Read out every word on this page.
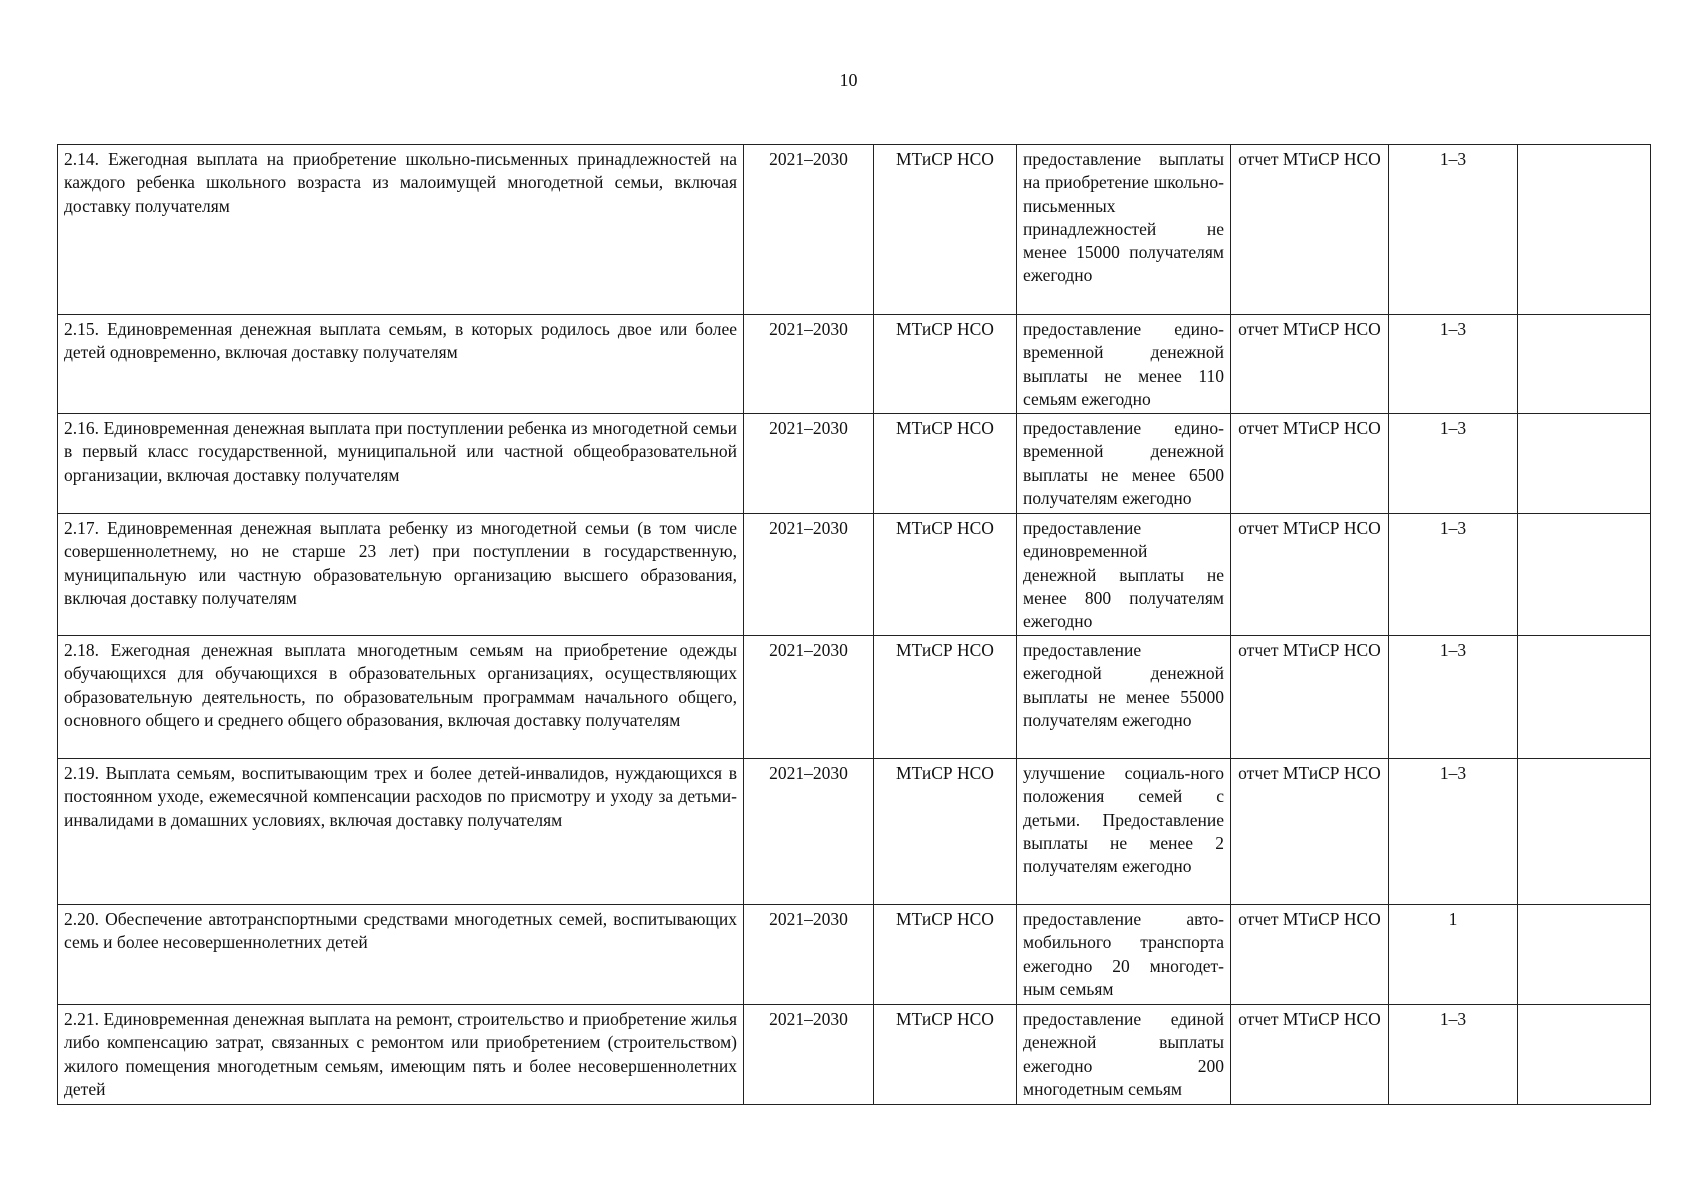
10
2.14. Ежегодная выплата на приобретение школьно-письменных принадлежностей на каждого ребенка школьного возраста из малоимущей многодетной семьи, включая доставку получателям	2021–2030	МТиСР НСО	предоставление выплаты на приобретение школьно-письменных принадлежностей не менее 15000 получателям ежегодно	отчет МТиСР НСО	1–3	
2.15. Единовременная денежная выплата семьям, в которых родилось двое или более детей одновременно, включая доставку получателям	2021–2030	МТиСР НСО	предоставление едино-временной денежной выплаты не менее 110 семьям ежегодно	отчет МТиСР НСО	1–3	
2.16. Единовременная денежная выплата при поступлении ребенка из многодетной семьи в первый класс государственной, муниципальной или частной общеобразовательной организации, включая доставку получателям	2021–2030	МТиСР НСО	предоставление едино-временной денежной выплаты не менее 6500 получателям ежегодно	отчет МТиСР НСО	1–3	
2.17. Единовременная денежная выплата ребенку из многодетной семьи (в том числе совершеннолетнему, но не старше 23 лет) при поступлении в государственную, муниципальную или частную образовательную организацию высшего образования, включая доставку получателям	2021–2030	МТиСР НСО	предоставление единовременной денежной выплаты не менее 800 получателям ежегодно	отчет МТиСР НСО	1–3	
2.18. Ежегодная денежная выплата многодетным семьям на приобретение одежды обучающихся для обучающихся в образовательных организациях, осуществляющих образовательную деятельность, по образовательным программам начального общего, основного общего и среднего общего образования, включая доставку получателям	2021–2030	МТиСР НСО	предоставление ежегодной денежной выплаты не менее 55000 получателям ежегодно	отчет МТиСР НСО	1–3	
2.19. Выплата семьям, воспитывающим трех и более детей-инвалидов, нуждающихся в постоянном уходе, ежемесячной компенсации расходов по присмотру и уходу за детьми-инвалидами в домашних условиях, включая доставку получателям	2021–2030	МТиСР НСО	улучшение социаль-ного положения семей с детьми. Предоставление выплаты не менее 2 получателям ежегодно	отчет МТиСР НСО	1–3	
2.20. Обеспечение автотранспортными средствами многодетных семей, воспитывающих семь и более несовершеннолетних детей	2021–2030	МТиСР НСО	предоставление авто-мобильного транспорта ежегодно 20 многодет-ным семьям	отчет МТиСР НСО	1	
2.21. Единовременная денежная выплата на ремонт, строительство и приобретение жилья либо компенсацию затрат, связанных с ремонтом или приобретением (строительством) жилого помещения многодетным семьям, имеющим пять и более несовершеннолетних детей	2021–2030	МТиСР НСО	предоставление единой денежной выплаты ежегодно 200 многодетным семьям	отчет МТиСР НСО	1–3	
